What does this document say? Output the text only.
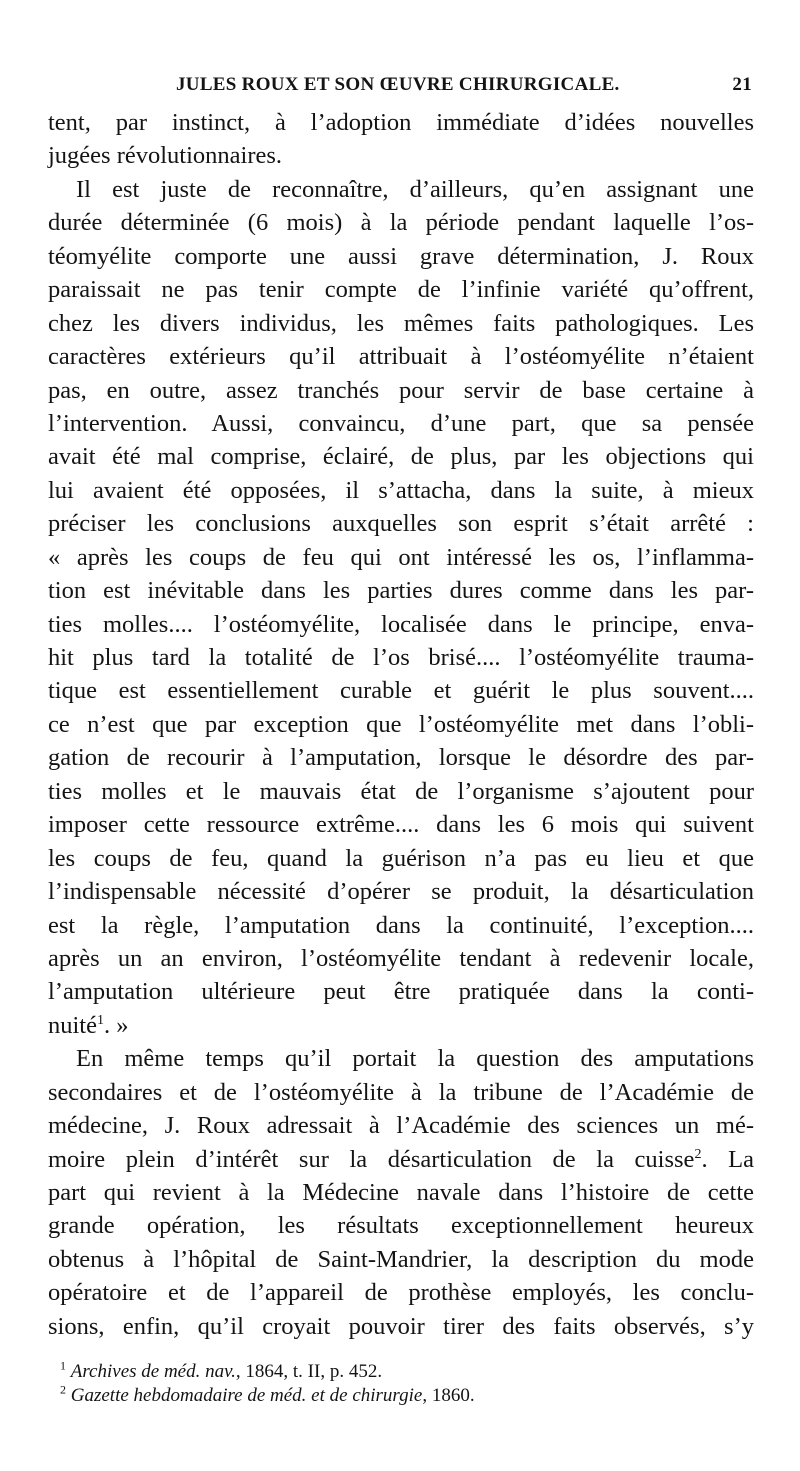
JULES ROUX ET SON ŒUVRE CHIRURGICALE.	21
tent, par instinct, à l’adoption immédiate d’idées nouvelles
jugées révolutionnaires.
Il est juste de reconnaître, d’ailleurs, qu’en assignant une
durée déterminée (6 mois) à la période pendant laquelle l’os-
téomyélite comporte une aussi grave détermination, J. Roux
paraissait ne pas tenir compte de l’infinie variété qu’offrent,
chez les divers individus, les mêmes faits pathologiques. Les
caractères extérieurs qu’il attribuait à l’ostéomyélite n’étaient
pas, en outre, assez tranchés pour servir de base certaine à
l’intervention. Aussi, convaincu, d’une part, que sa pensée
avait été mal comprise, éclairé, de plus, par les objections qui
lui avaient été opposées, il s’attacha, dans la suite, à mieux
préciser les conclusions auxquelles son esprit s’était arrêté :
« après les coups de feu qui ont intéressé les os, l’inflamma-
tion est inévitable dans les parties dures comme dans les par-
ties molles.... l’ostéomyélite, localisée dans le principe, enva-
hit plus tard la totalité de l’os brisé.... l’ostéomyélite trauma-
tique est essentiellement curable et guérit le plus souvent....
ce n’est que par exception que l’ostéomyélite met dans l’obli-
gation de recourir à l’amputation, lorsque le désordre des par-
ties molles et le mauvais état de l’organisme s’ajoutent pour
imposer cette ressource extrême.... dans les 6 mois qui suivent
les coups de feu, quand la guérison n’a pas eu lieu et que
l’indispensable nécessité d’opérer se produit, la désarticulation
est la règle, l’amputation dans la continuité, l’exception....
après un an environ, l’ostéomyélite tendant à redevenir locale,
l’amputation ultérieure peut être pratiquée dans la conti-
nuité$^1$. »
En même temps qu’il portait la question des amputations
secondaires et de l’ostéomyélite à la tribune de l’Académie de
médecine, J. Roux adressait à l’Académie des sciences un mé-
moire plein d’intérêt sur la désarticulation de la cuisse$^2$. La
part qui revient à la Médecine navale dans l’histoire de cette
grande opération, les résultats exceptionnellement heureux
obtenus à l’hôpital de Saint-Mandrier, la description du mode
opératoire et de l’appareil de prothèse employés, les conclu-
sions, enfin, qu’il croyait pouvoir tirer des faits observés, s’y
$^1$ Archives de méd. nav., 1864, t. II, p. 452.
$^2$ Gazette hebdomadaire de méd. et de chirurgie, 1860.
